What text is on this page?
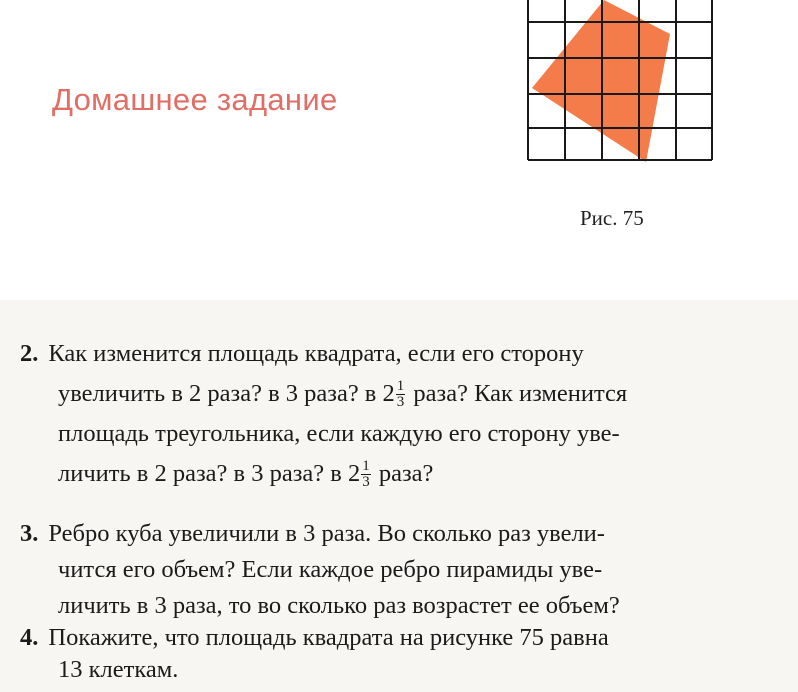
Домашнее задание
Рис. 75
2. Как изменится площадь квадрата, если его сторону
увеличить в 2 раза? в 3 раза? в $2 \frac{1}{3}$ раза? Как изменится
площадь треугольника, если каждую его сторону уве-
личить в 2 раза? в 3 раза? в $2 \frac{1}{3}$ раза?
3. Ребро куба увеличили в 3 раза. Во сколько раз увели-
чится его объем? Если каждое ребро пирамиды уве-
личить в 3 раза, то во сколько раз возрастет ее объем?
4. Покажите, что площадь квадрата на рисунке 75 равна
13 клеткам.
